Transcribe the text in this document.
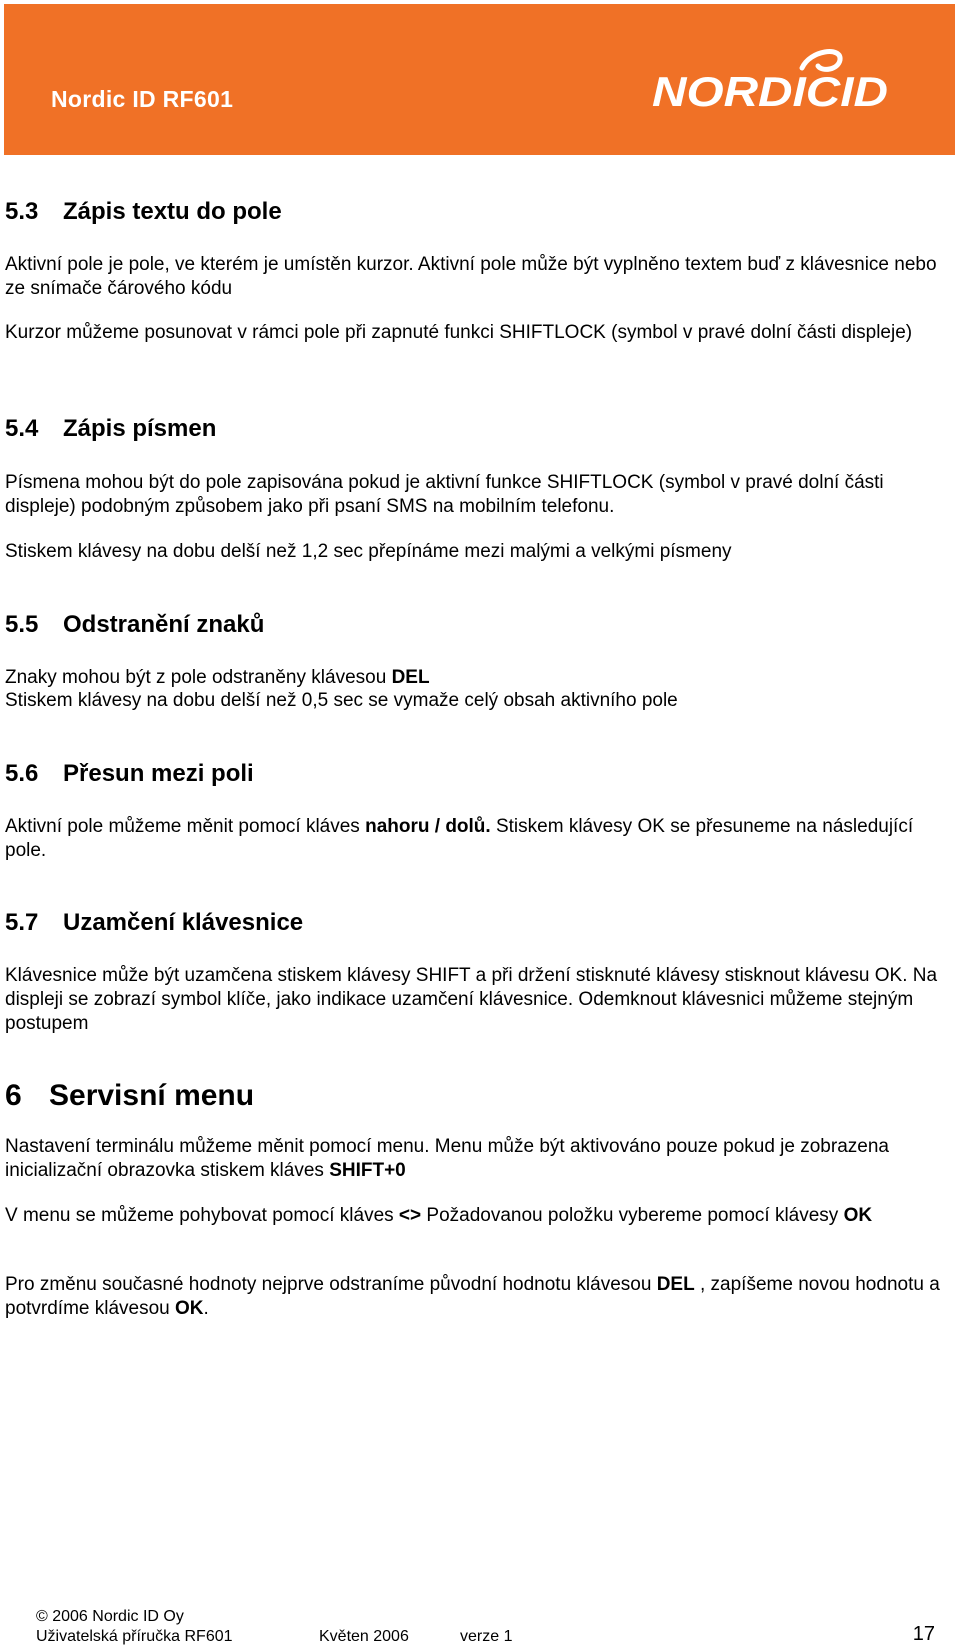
Nordic ID RF601	NORDICID
5.3 Zápis textu do pole

Aktivní pole je pole, ve kterém je umístěn kurzor. Aktivní pole může být vyplněno textem buď z klávesnice nebo ze snímače čárového kódu

Kurzor můžeme posunovat v rámci pole při zapnuté funkci SHIFTLOCK (symbol v pravé dolní části displeje)

5.4 Zápis písmen

Písmena mohou být do pole zapisována pokud je aktivní funkce SHIFTLOCK (symbol v pravé dolní části displeje) podobným způsobem jako při psaní SMS na mobilním telefonu.

Stiskem klávesy na dobu delší než 1,2 sec přepínáme mezi malými a velkými písmeny

5.5 Odstranění znaků

Znaky mohou být z pole odstraněny klávesou DEL

Stiskem klávesy na dobu delší než 0,5 sec se vymaže celý obsah aktivního pole

5.6 Přesun mezi poli

Aktivní pole můžeme měnit pomocí kláves nahoru / dolů. Stiskem klávesy OK se přesuneme na následující pole.

5.7 Uzamčení klávesnice

Klávesnice může být uzamčena stiskem klávesy SHIFT a při držení stisknuté klávesy stisknout klávesu OK. Na displeji se zobrazí symbol klíče, jako indikace uzamčení klávesnice. Odemknout klávesnici můžeme stejným postupem

6 Servisní menu

Nastavení terminálu můžeme měnit pomocí menu. Menu může být aktivováno pouze pokud je zobrazena inicializační obrazovka stiskem kláves SHIFT+0

V menu se můžeme pohybovat pomocí kláves <> Požadovanou položku vybereme pomocí klávesy OK

Pro změnu současné hodnoty nejprve odstraníme původní hodnotu klávesou DEL , zapíšeme novou hodnotu a potvrdíme klávesou OK.

© 2006 Nordic ID Oy
Uživatelská příručka RF601	Květen 2006	verze 1	17
